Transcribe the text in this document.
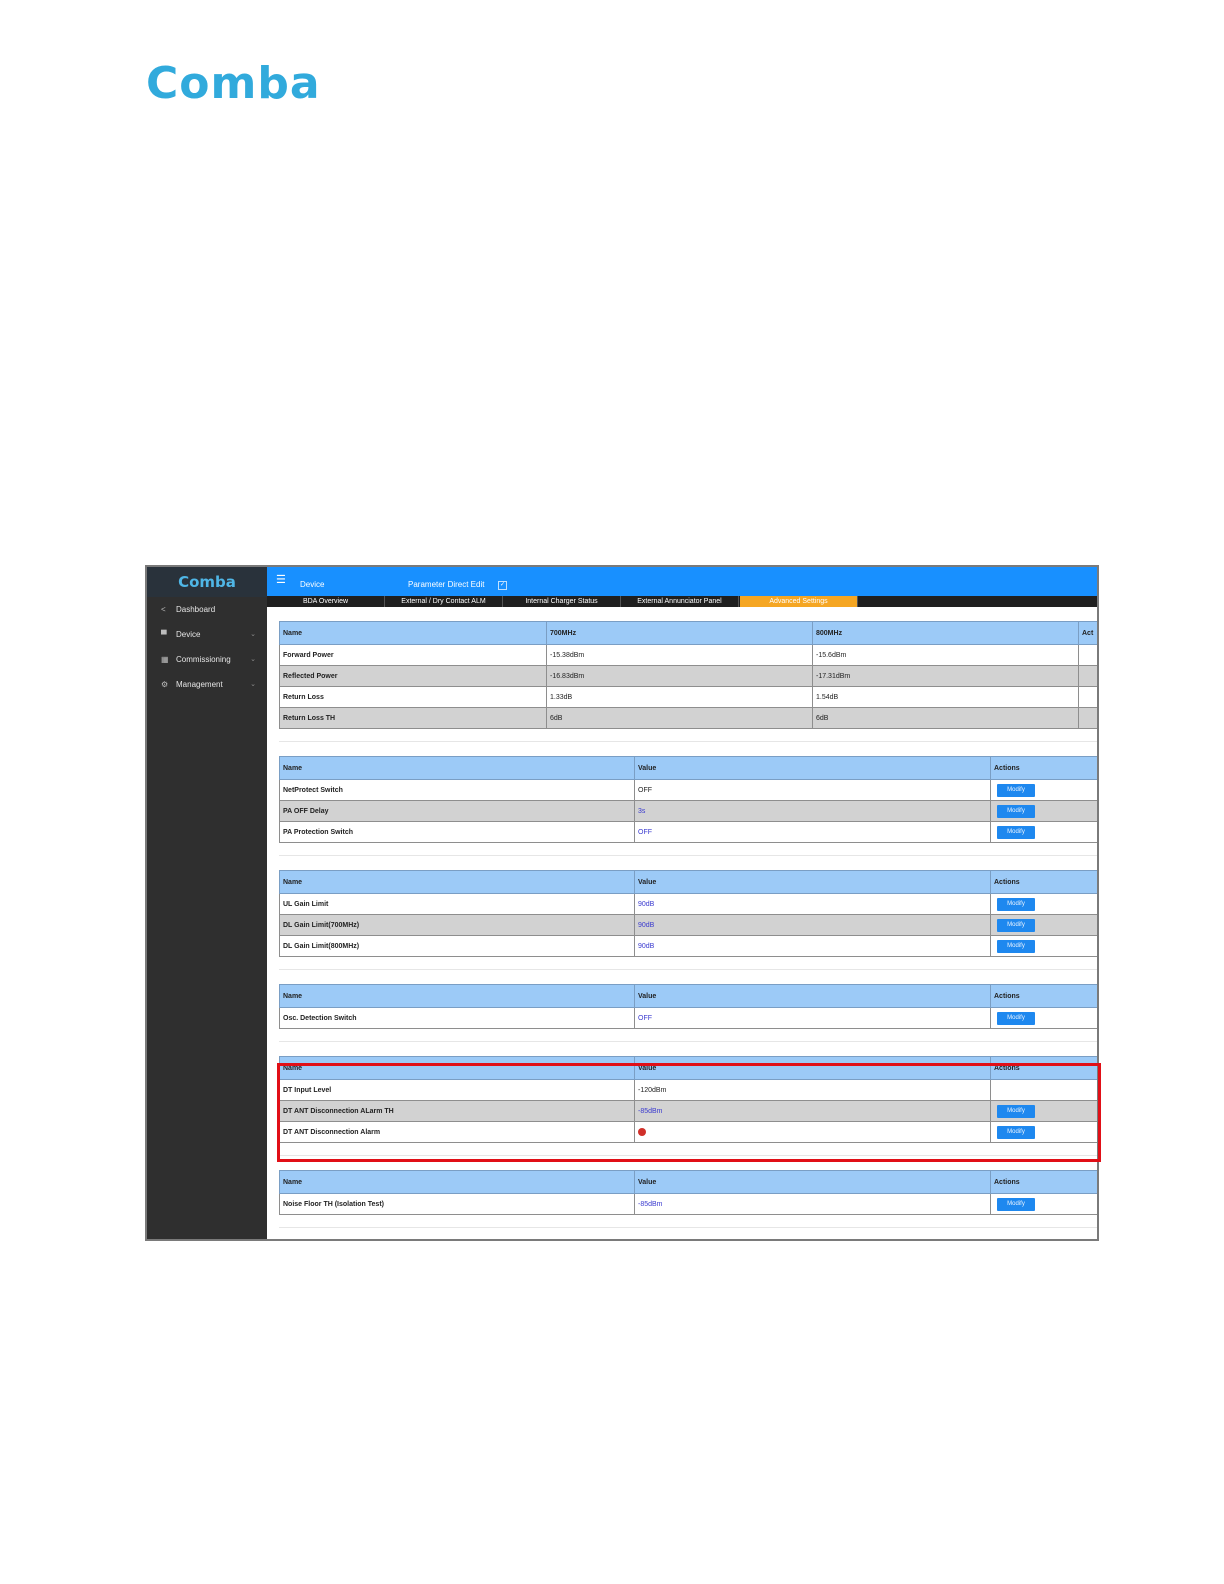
Comba
Comba
<	Dashboard
▀	Device	⌄
▦ Commissioning	⌄
⚙ Management	⌄
☰ Device	Parameter Direct Edit	✓
BDA Overview	External / Dry Contact ALM	Internal Charger Status	External Annunciator Panel	Advanced Settings
Name	700MHz	800MHz	Act
Forward Power	-15.38dBm	-15.6dBm	
Reflected Power	-16.83dBm	-17.31dBm	
Return Loss	1.33dB	1.54dB	
Return Loss TH	6dB	6dB	
Name	Value	Actions
NetProtect Switch	OFF	Modify
PA OFF Delay	3s	Modify
PA Protection Switch	OFF	Modify
Name	Value	Actions
UL Gain Limit	90dB	Modify
DL Gain Limit(700MHz)	90dB	Modify
DL Gain Limit(800MHz)	90dB	Modify
Name	Value	Actions
Osc. Detection Switch	OFF	Modify
Name	Value	Actions
DT Input Level	-120dBm	
DT ANT Disconnection ALarm TH	-85dBm	Modify
DT ANT Disconnection Alarm		Modify
Name	Value	Actions
Noise Floor TH (Isolation Test)	-85dBm	Modify
